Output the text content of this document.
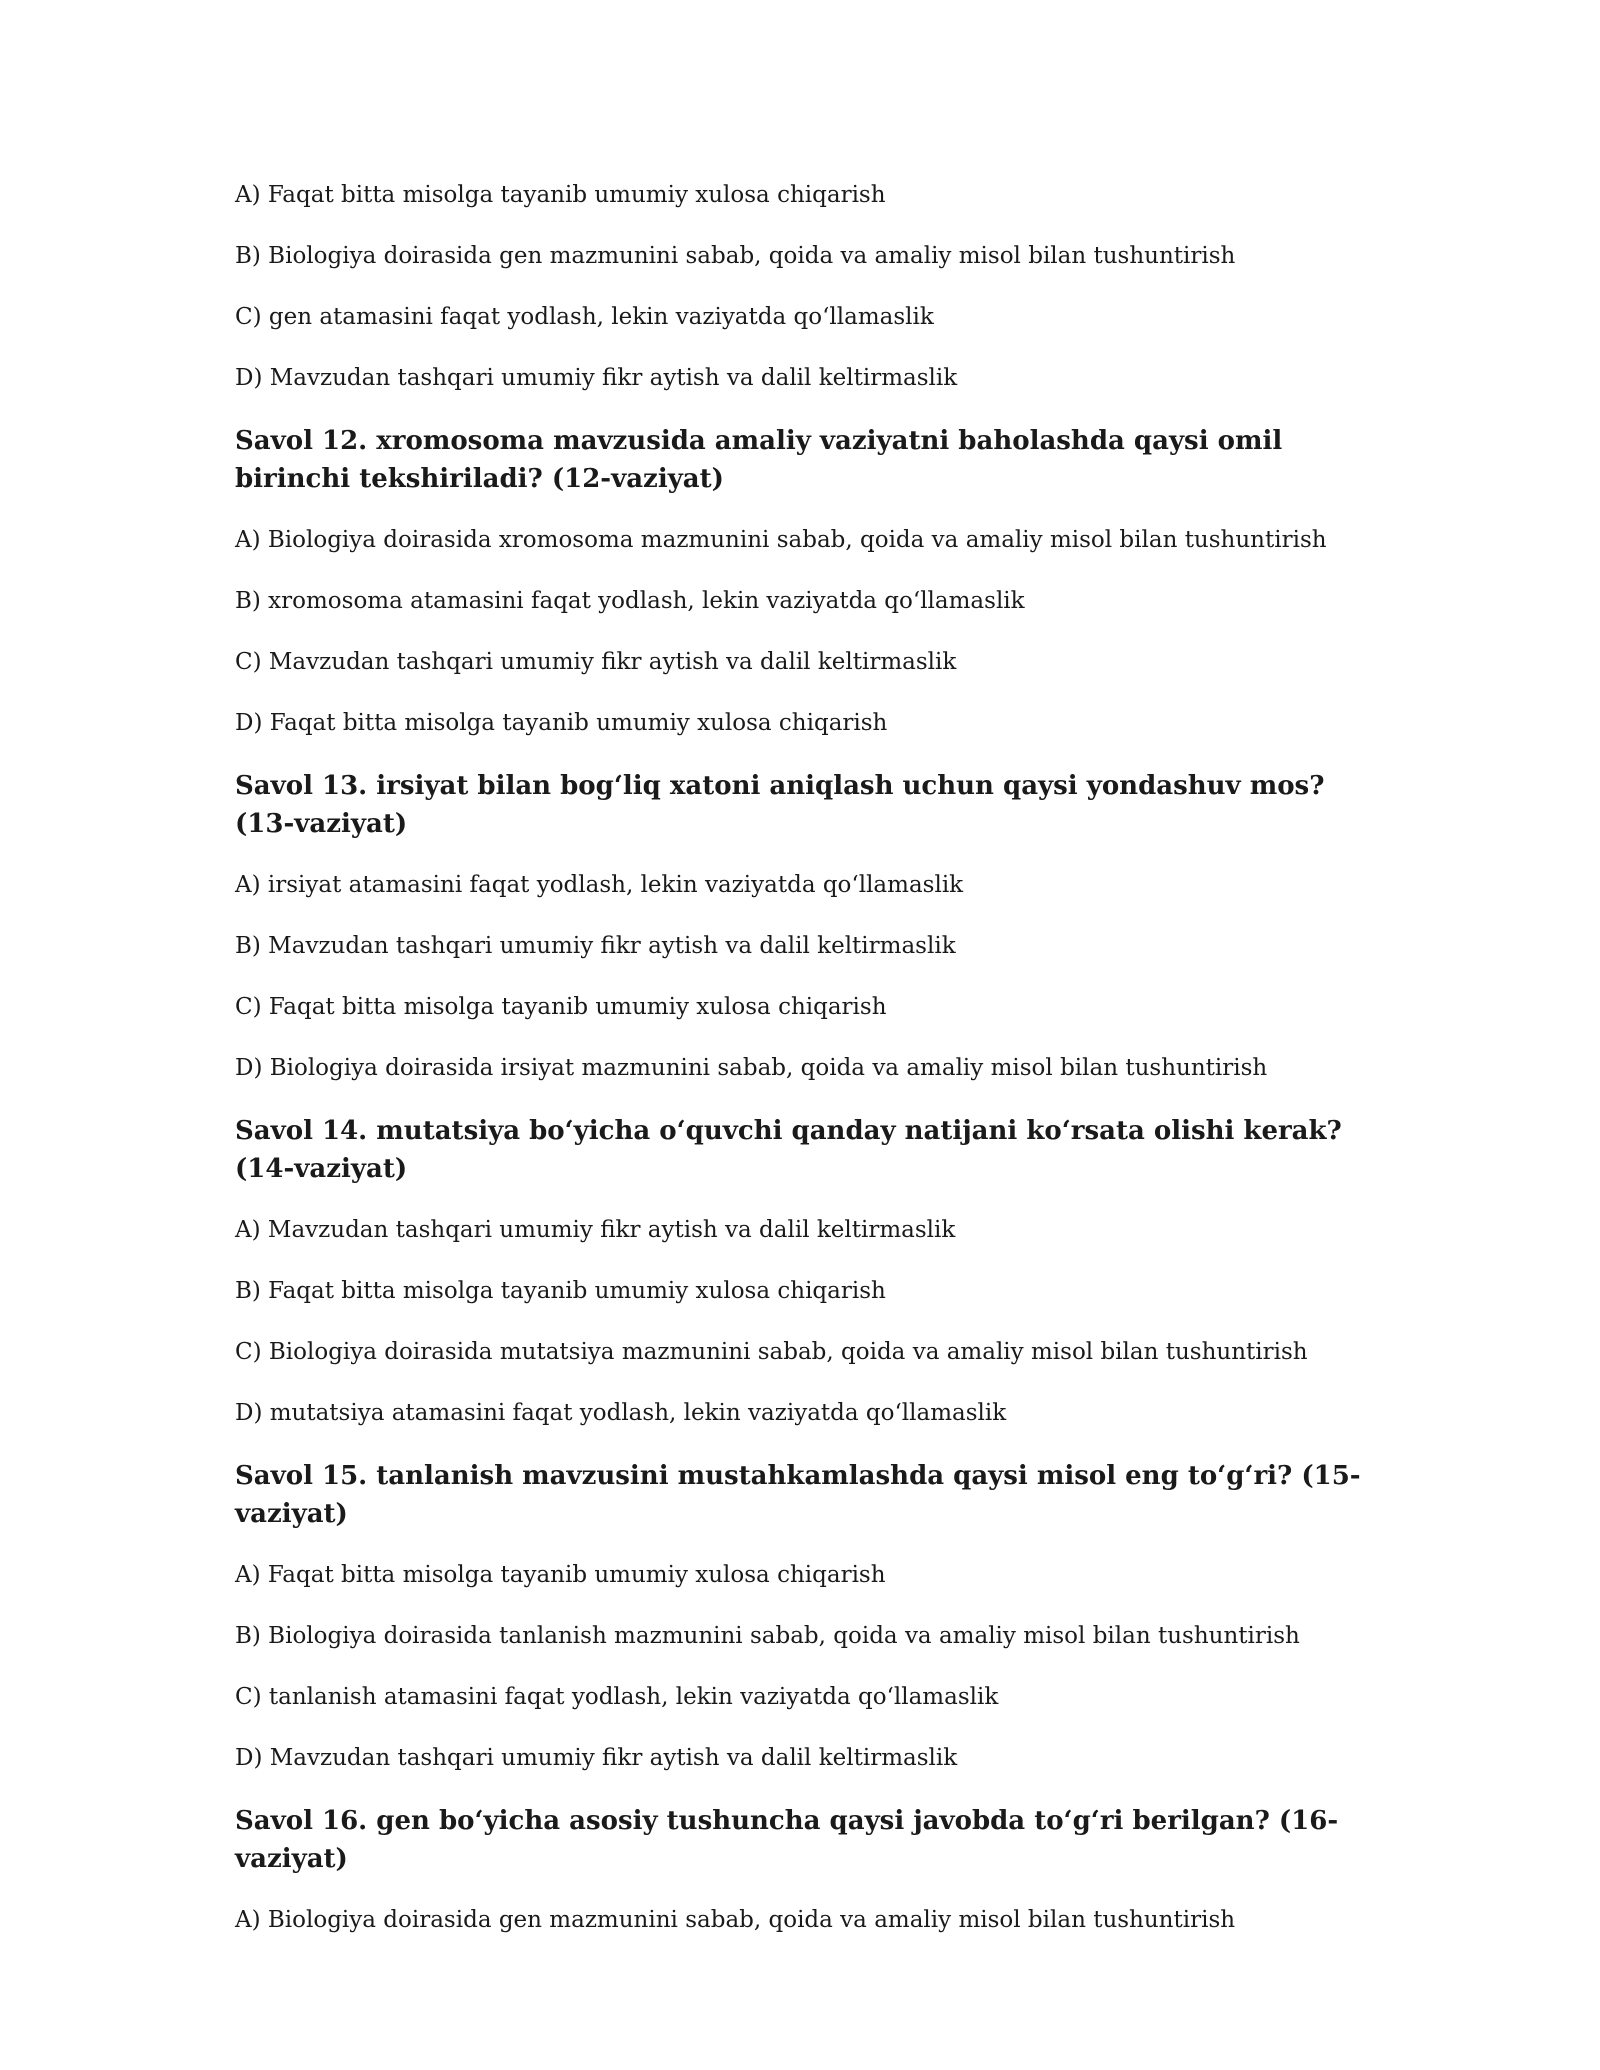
A) Faqat bitta misolga tayanib umumiy xulosa chiqarish

B) Biologiya doirasida gen mazmunini sabab, qoida va amaliy misol bilan tushuntirish

C) gen atamasini faqat yodlash, lekin vaziyatda qo‘llamaslik

D) Mavzudan tashqari umumiy fikr aytish va dalil keltirmaslik

Savol 12. xromosoma mavzusida amaliy vaziyatni baholashda qaysi omil birinchi tekshiriladi? (12-vaziyat)

A) Biologiya doirasida xromosoma mazmunini sabab, qoida va amaliy misol bilan tushuntirish

B) xromosoma atamasini faqat yodlash, lekin vaziyatda qo‘llamaslik

C) Mavzudan tashqari umumiy fikr aytish va dalil keltirmaslik

D) Faqat bitta misolga tayanib umumiy xulosa chiqarish

Savol 13. irsiyat bilan bog‘liq xatoni aniqlash uchun qaysi yondashuv mos? (13-vaziyat)

A) irsiyat atamasini faqat yodlash, lekin vaziyatda qo‘llamaslik

B) Mavzudan tashqari umumiy fikr aytish va dalil keltirmaslik

C) Faqat bitta misolga tayanib umumiy xulosa chiqarish

D) Biologiya doirasida irsiyat mazmunini sabab, qoida va amaliy misol bilan tushuntirish

Savol 14. mutatsiya bo‘yicha o‘quvchi qanday natijani ko‘rsata olishi kerak? (14-vaziyat)

A) Mavzudan tashqari umumiy fikr aytish va dalil keltirmaslik

B) Faqat bitta misolga tayanib umumiy xulosa chiqarish

C) Biologiya doirasida mutatsiya mazmunini sabab, qoida va amaliy misol bilan tushuntirish

D) mutatsiya atamasini faqat yodlash, lekin vaziyatda qo‘llamaslik

Savol 15. tanlanish mavzusini mustahkamlashda qaysi misol eng to‘g‘ri? (15-vaziyat)

A) Faqat bitta misolga tayanib umumiy xulosa chiqarish

B) Biologiya doirasida tanlanish mazmunini sabab, qoida va amaliy misol bilan tushuntirish

C) tanlanish atamasini faqat yodlash, lekin vaziyatda qo‘llamaslik

D) Mavzudan tashqari umumiy fikr aytish va dalil keltirmaslik

Savol 16. gen bo‘yicha asosiy tushuncha qaysi javobda to‘g‘ri berilgan? (16-vaziyat)

A) Biologiya doirasida gen mazmunini sabab, qoida va amaliy misol bilan tushuntirish
